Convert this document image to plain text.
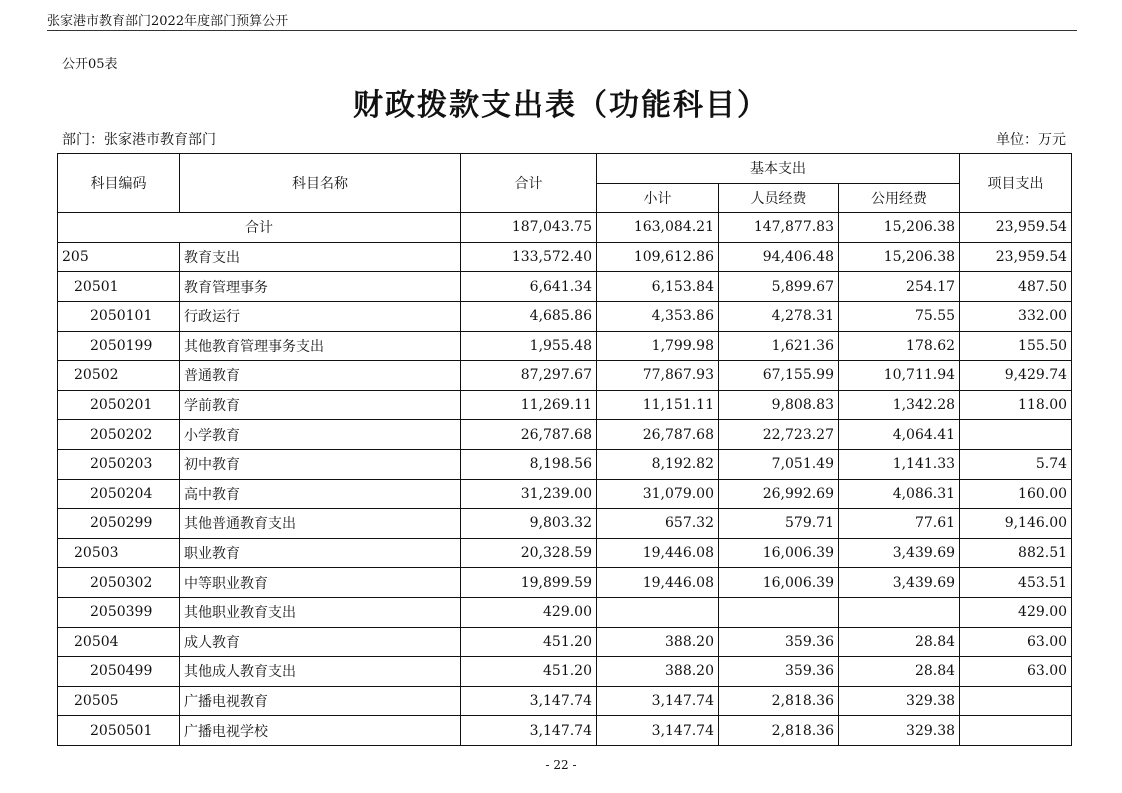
张家港市教育部门2022年度部门预算公开
公开05表
财政拨款支出表（功能科目）
部门：张家港市教育部门	单位：万元
科目编码	科目名称	合计	基本支出			项目支出
			小计	人员经费	公用经费	
合计		187,043.75	163,084.21	147,877.83	15,206.38	23,959.54
205	教育支出	133,572.40	109,612.86	94,406.48	15,206.38	23,959.54
20501	教育管理事务	6,641.34	6,153.84	5,899.67	254.17	487.50
2050101	行政运行	4,685.86	4,353.86	4,278.31	75.55	332.00
2050199	其他教育管理事务支出	1,955.48	1,799.98	1,621.36	178.62	155.50
20502	普通教育	87,297.67	77,867.93	67,155.99	10,711.94	9,429.74
2050201	学前教育	11,269.11	11,151.11	9,808.83	1,342.28	118.00
2050202	小学教育	26,787.68	26,787.68	22,723.27	4,064.41	
2050203	初中教育	8,198.56	8,192.82	7,051.49	1,141.33	5.74
2050204	高中教育	31,239.00	31,079.00	26,992.69	4,086.31	160.00
2050299	其他普通教育支出	9,803.32	657.32	579.71	77.61	9,146.00
20503	职业教育	20,328.59	19,446.08	16,006.39	3,439.69	882.51
2050302	中等职业教育	19,899.59	19,446.08	16,006.39	3,439.69	453.51
2050399	其他职业教育支出	429.00				429.00
20504	成人教育	451.20	388.20	359.36	28.84	63.00
2050499	其他成人教育支出	451.20	388.20	359.36	28.84	63.00
20505	广播电视教育	3,147.74	3,147.74	2,818.36	329.38	
2050501	广播电视学校	3,147.74	3,147.74	2,818.36	329.38	
- 22 -
